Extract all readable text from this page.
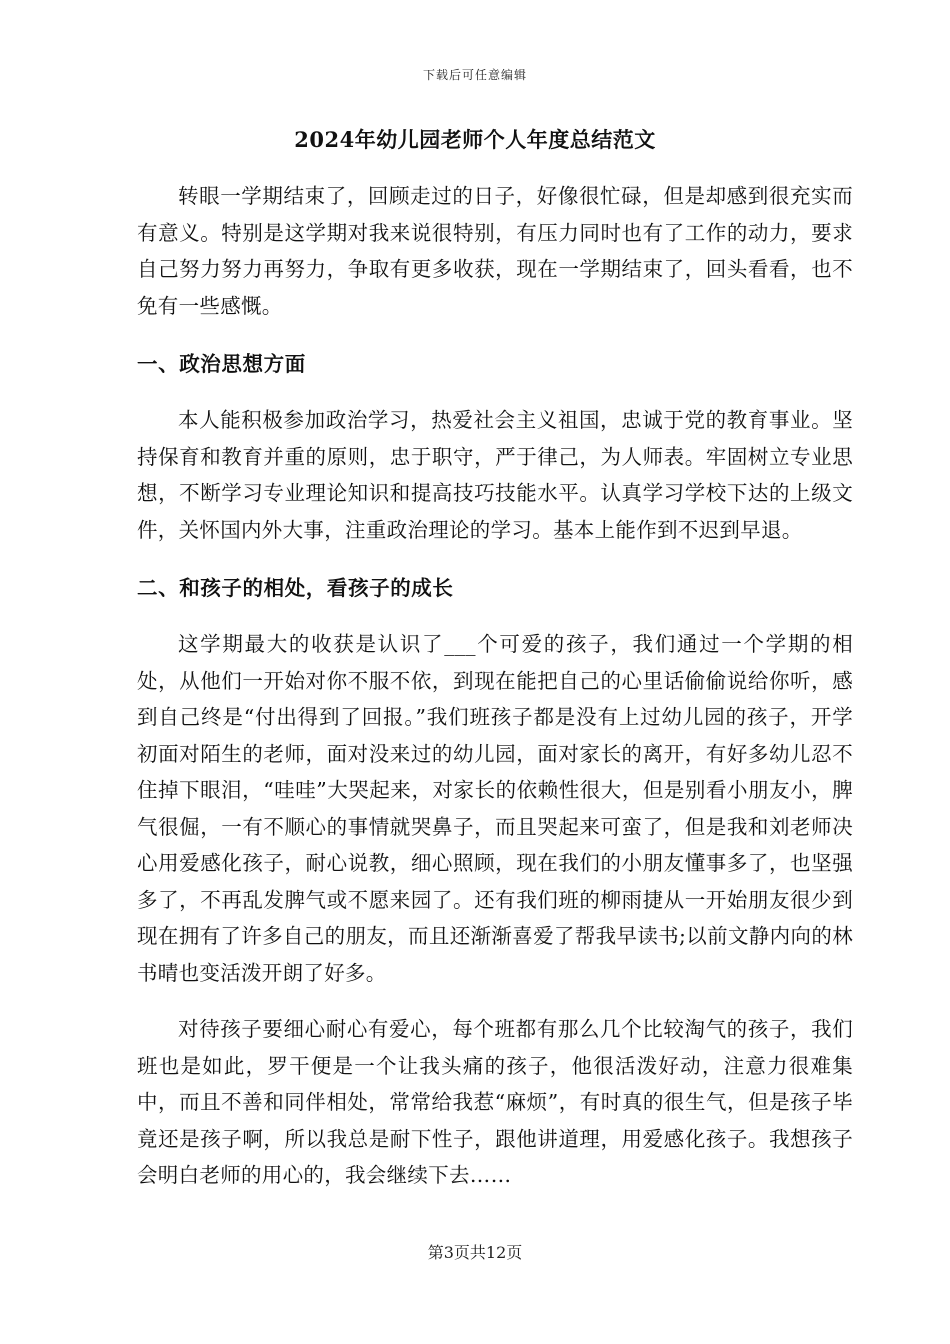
下载后可任意编辑
2024年幼儿园老师个人年度总结范文

转眼一学期结束了，回顾走过的日子，好像很忙碌，但是却感到很充实而有意义。特别是这学期对我来说很特别，有压力同时也有了工作的动力，要求自己努力努力再努力，争取有更多收获，现在一学期结束了，回头看看，也不免有一些感慨。

一、政治思想方面

本人能积极参加政治学习，热爱社会主义祖国，忠诚于党的教育事业。坚持保育和教育并重的原则，忠于职守，严于律己，为人师表。牢固树立专业思想，不断学习专业理论知识和提高技巧技能水平。认真学习学校下达的上级文件，关怀国内外大事，注重政治理论的学习。基本上能作到不迟到早退。

二、和孩子的相处，看孩子的成长

这学期最大的收获是认识了___个可爱的孩子，我们通过一个学期的相处，从他们一开始对你不服不依，到现在能把自己的心里话偷偷说给你听，感到自己终是“付出得到了回报。”我们班孩子都是没有上过幼儿园的孩子，开学初面对陌生的老师，面对没来过的幼儿园，面对家长的离开，有好多幼儿忍不住掉下眼泪，“哇哇”大哭起来，对家长的依赖性很大，但是别看小朋友小，脾气很倔，一有不顺心的事情就哭鼻子，而且哭起来可蛮了，但是我和刘老师决心用爱感化孩子，耐心说教，细心照顾，现在我们的小朋友懂事多了，也坚强多了，不再乱发脾气或不愿来园了。还有我们班的柳雨捷从一开始朋友很少到现在拥有了许多自己的朋友，而且还渐渐喜爱了帮我早读书;以前文静内向的林书晴也变活泼开朗了好多。

对待孩子要细心耐心有爱心，每个班都有那么几个比较淘气的孩子，我们班也是如此，罗干便是一个让我头痛的孩子，他很活泼好动，注意力很难集中，而且不善和同伴相处，常常给我惹“麻烦”，有时真的很生气，但是孩子毕竟还是孩子啊，所以我总是耐下性子，跟他讲道理，用爱感化孩子。我想孩子会明白老师的用心的，我会继续下去……

第3页共12页
